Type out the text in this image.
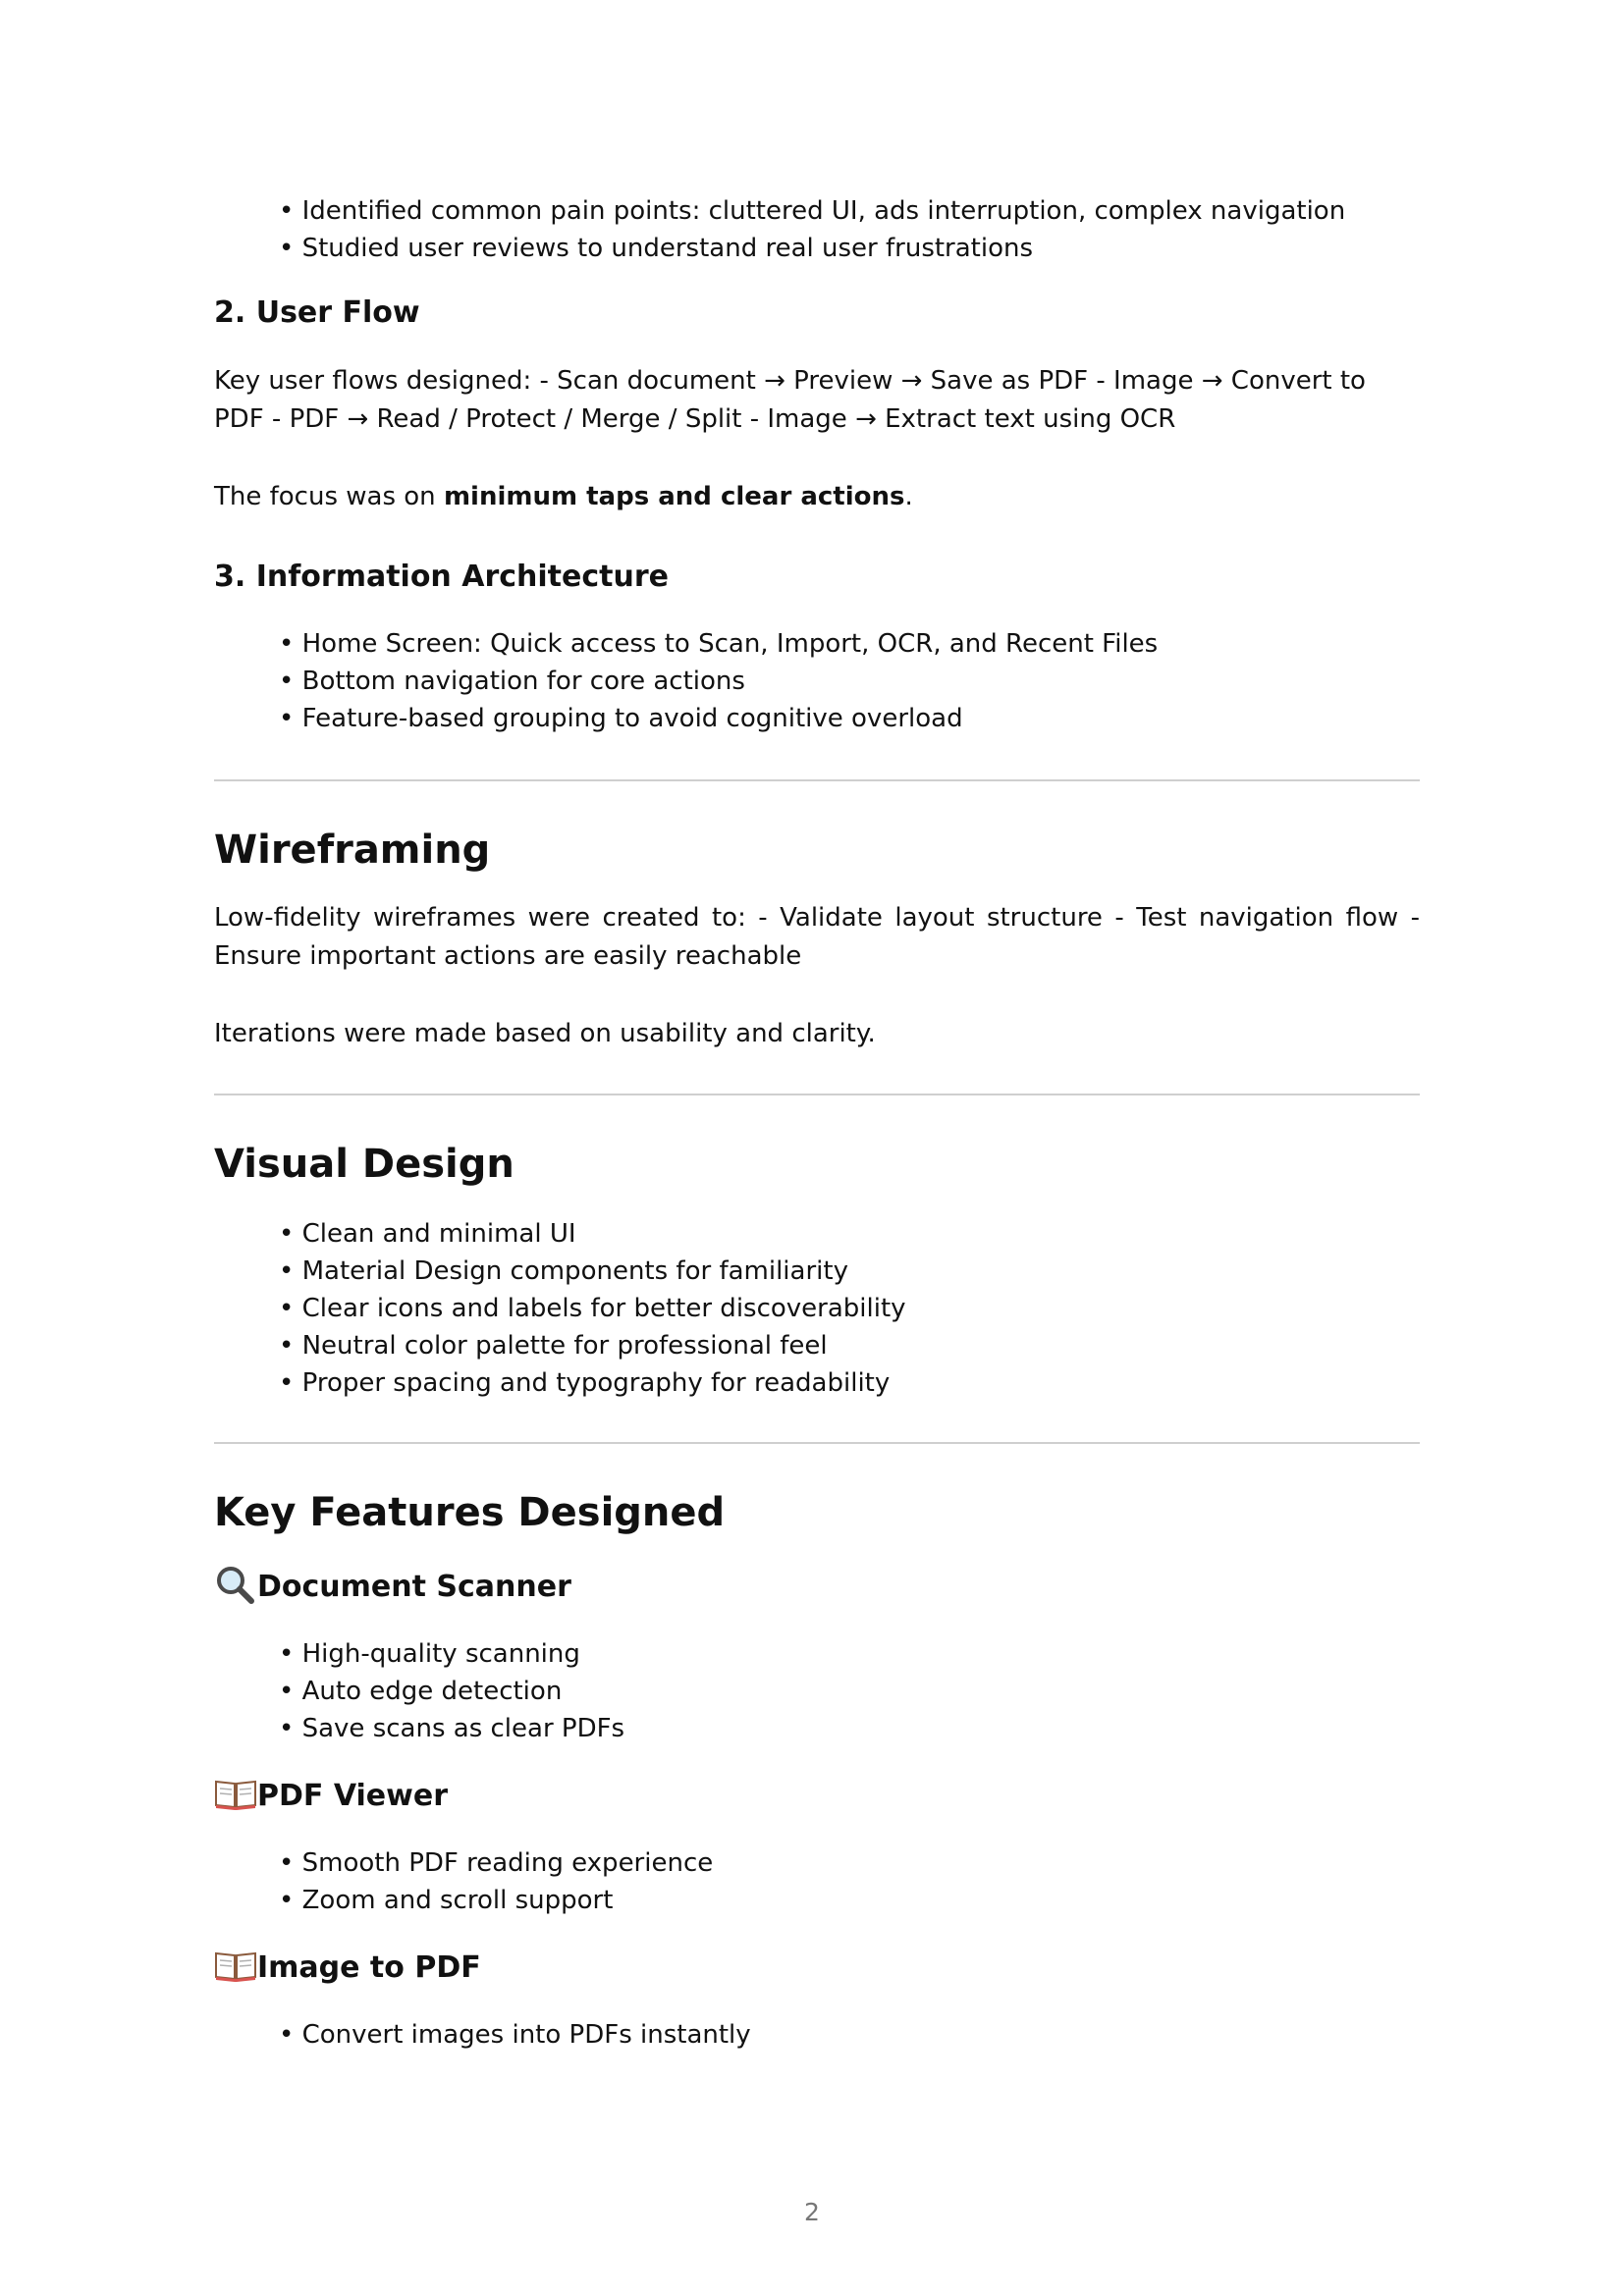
• Identified common pain points: cluttered UI, ads interruption, complex navigation
• Studied user reviews to understand real user frustrations
2. User Flow

Key user flows designed: - Scan document → Preview → Save as PDF - Image → Convert to PDF - PDF → Read / Protect / Merge / Split - Image → Extract text using OCR

The focus was on minimum taps and clear actions.

3. Information Architecture
• Home Screen: Quick access to Scan, Import, OCR, and Recent Files
• Bottom navigation for core actions
• Feature-based grouping to avoid cognitive overload
Wireframing

Low-fidelity wireframes were created to: - Validate layout structure - Test navigation flow - Ensure important actions are easily reachable

Iterations were made based on usability and clarity.

Visual Design
• Clean and minimal UI
• Material Design components for familiarity
• Clear icons and labels for better discoverability
• Neutral color palette for professional feel
• Proper spacing and typography for readability
Key Features Designed
Document Scanner
• High-quality scanning
• Auto edge detection
• Save scans as clear PDFs
PDF Viewer
• Smooth PDF reading experience
• Zoom and scroll support
Image to PDF
• Convert images into PDFs instantly
2
